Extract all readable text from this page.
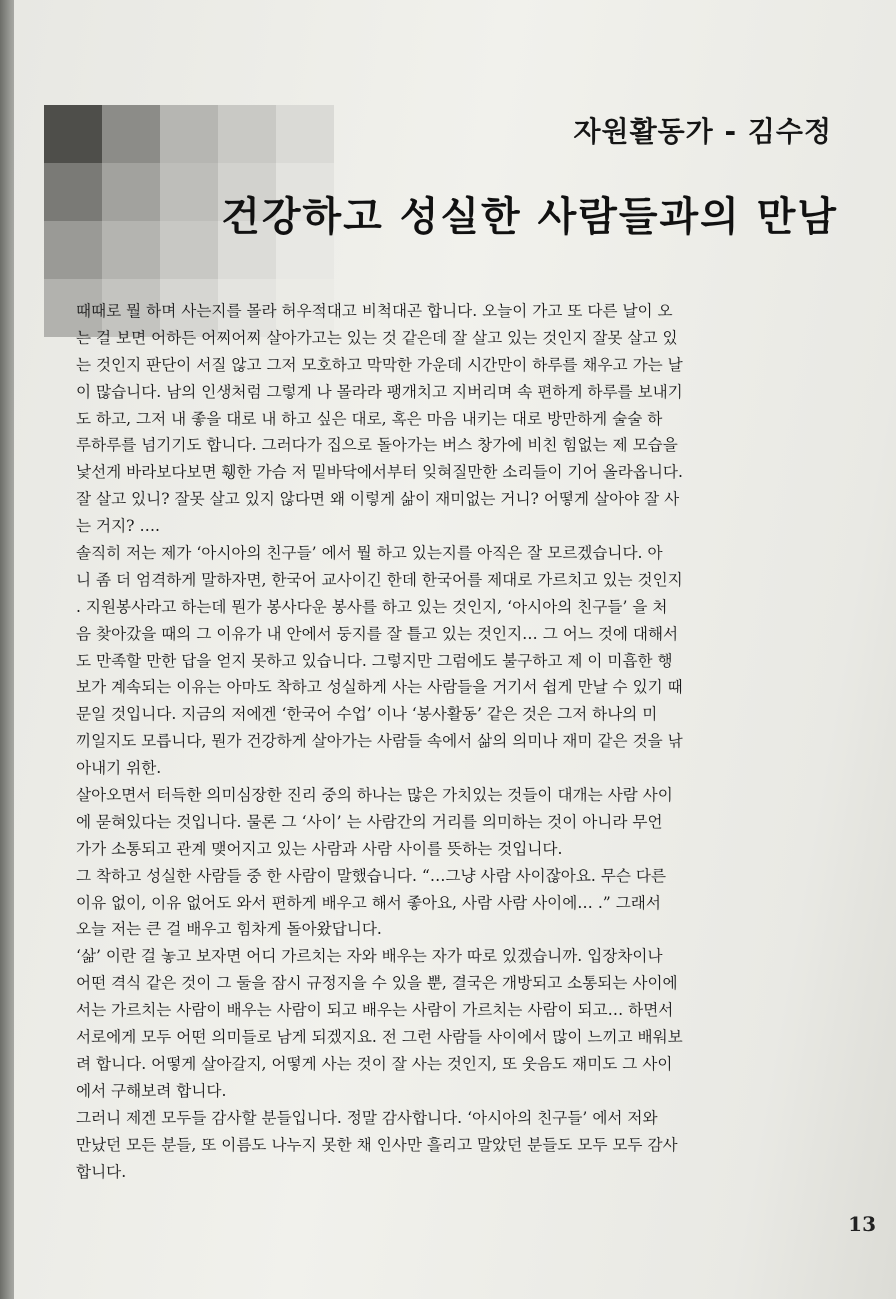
자원활동가 - 김수정
건강하고 성실한 사람들과의 만남
때때로 뭘 하며 사는지를 몰라 허우적대고 비척대곤 합니다. 오늘이 가고 또 다른 날이 오
는 걸 보면 어하든 어찌어찌 살아가고는 있는 것 같은데 잘 살고 있는 것인지 잘못 살고 있
는 것인지 판단이 서질 않고 그저 모호하고 막막한 가운데 시간만이 하루를 채우고 가는 날
이 많습니다. 남의 인생처럼 그렇게 나 몰라라 팽개치고 지버리며 속 편하게 하루를 보내기
도 하고, 그저 내 좋을 대로 내 하고 싶은 대로, 혹은 마음 내키는 대로 방만하게 술술 하
루하루를 넘기기도 합니다. 그러다가 집으로 돌아가는 버스 창가에 비친 힘없는 제 모습을
낯선게 바라보다보면 휑한 가슴 저 밑바닥에서부터 잊혀질만한 소리들이 기어 올라옵니다.
잘 살고 있니? 잘못 살고 있지 않다면 왜 이렇게 삶이 재미없는 거니? 어떻게 살아야 잘 사
는 거지? ….
솔직히 저는 제가 ‘아시아의 친구들’ 에서 뭘 하고 있는지를 아직은 잘 모르겠습니다. 아
니 좀 더 엄격하게 말하자면, 한국어 교사이긴 한데 한국어를 제대로 가르치고 있는 것인지
. 지원봉사라고 하는데 뭔가 봉사다운 봉사를 하고 있는 것인지, ‘아시아의 친구들’ 을 처
음 찾아갔을 때의 그 이유가 내 안에서 둥지를 잘 틀고 있는 것인지… 그 어느 것에 대해서
도 만족할 만한 답을 얻지 못하고 있습니다. 그렇지만 그럼에도 불구하고 제 이 미흡한 행
보가 계속되는 이유는 아마도 착하고 성실하게 사는 사람들을 거기서 쉽게 만날 수 있기 때
문일 것입니다. 지금의 저에겐 ‘한국어 수업’ 이나 ‘봉사활동’ 같은 것은 그저 하나의 미
끼일지도 모릅니다, 뭔가 건강하게 살아가는 사람들 속에서 삶의 의미나 재미 같은 것을 낚
아내기 위한.
살아오면서 터득한 의미심장한 진리 중의 하나는 많은 가치있는 것들이 대개는 사람 사이
에 묻혀있다는 것입니다. 물론 그 ‘사이’ 는 사람간의 거리를 의미하는 것이 아니라 무언
가가 소통되고 관계 맺어지고 있는 사람과 사람 사이를 뜻하는 것입니다.
그 착하고 성실한 사람들 중 한 사람이 말했습니다. “…그냥 사람 사이잖아요. 무슨 다른
이유 없이, 이유 없어도 와서 편하게 배우고 해서 좋아요, 사람 사람 사이에… .” 그래서
오늘 저는 큰 걸 배우고 힘차게 돌아왔답니다.
‘삶’ 이란 걸 놓고 보자면 어디 가르치는 자와 배우는 자가 따로 있겠습니까. 입장차이나
어떤 격식 같은 것이 그 둘을 잠시 규정지을 수 있을 뿐, 결국은 개방되고 소통되는 사이에
서는 가르치는 사람이 배우는 사람이 되고 배우는 사람이 가르치는 사람이 되고… 하면서
서로에게 모두 어떤 의미들로 남게 되겠지요. 전 그런 사람들 사이에서 많이 느끼고 배워보
려 합니다. 어떻게 살아갈지, 어떻게 사는 것이 잘 사는 것인지, 또 웃음도 재미도 그 사이
에서 구해보려 합니다.
그러니 제겐 모두들 감사할 분들입니다. 정말 감사합니다. ‘아시아의 친구들’ 에서 저와
만났던 모든 분들, 또 이름도 나누지 못한 채 인사만 흘리고 말았던 분들도 모두 모두 감사
합니다.
13
